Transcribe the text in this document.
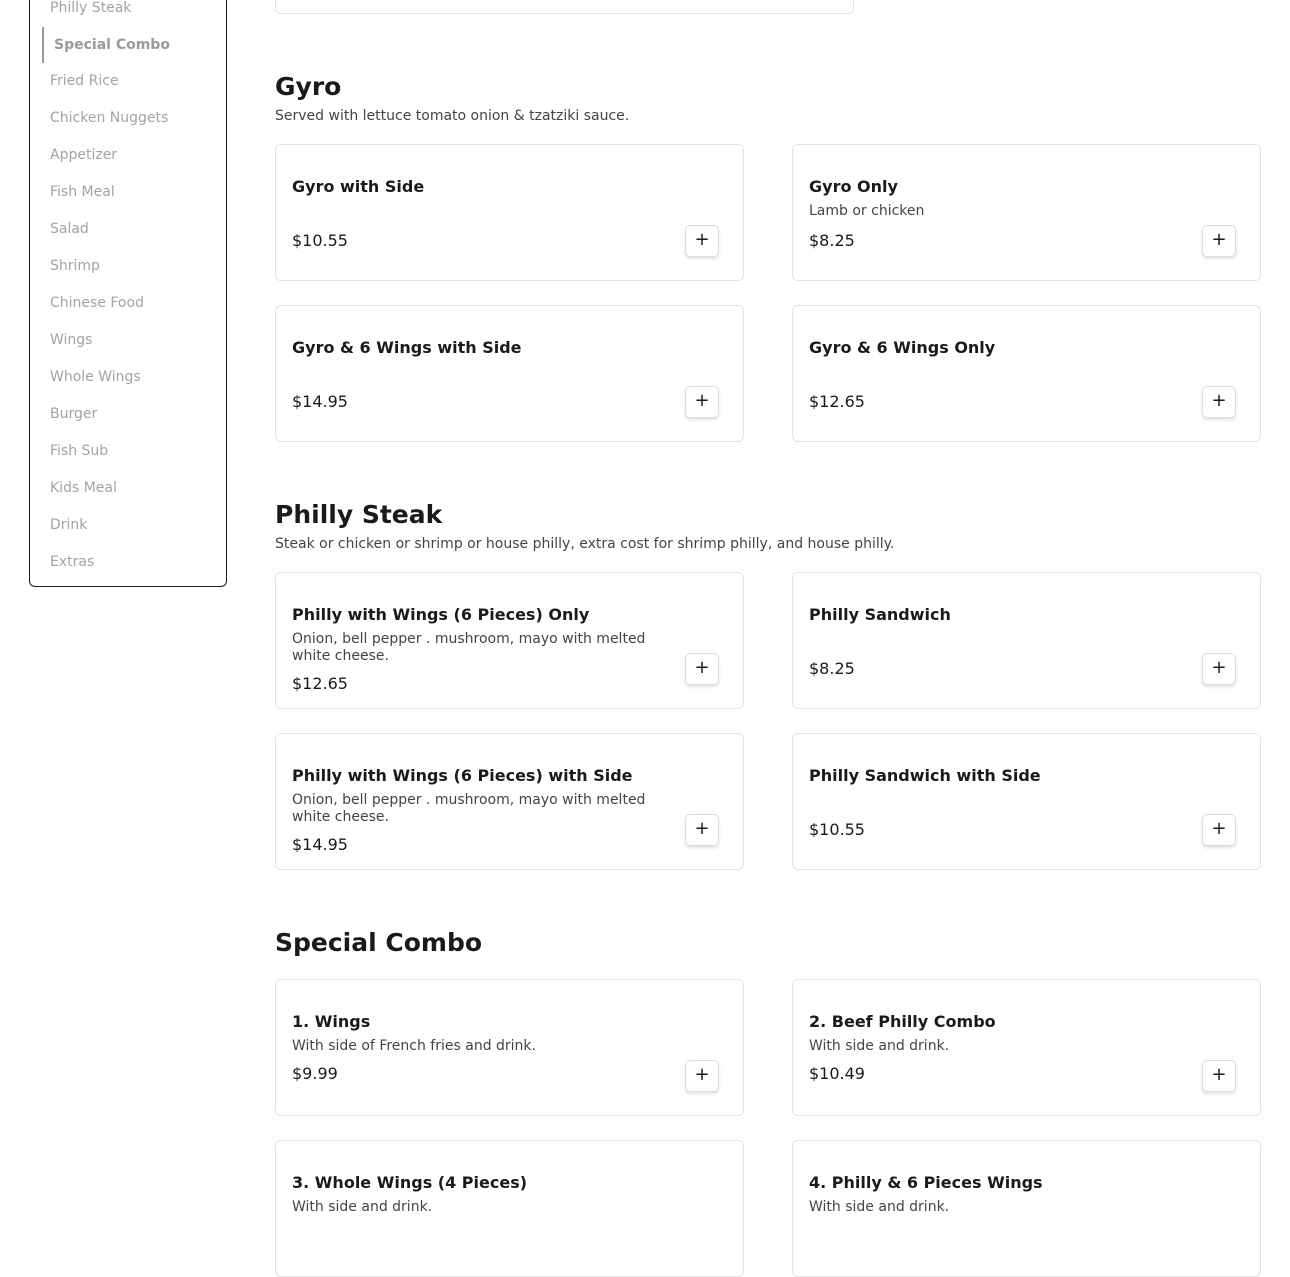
Philly Steak
Special Combo
Fried Rice
Chicken Nuggets
Appetizer
Fish Meal
Salad
Shrimp
Chinese Food
Wings
Whole Wings
Burger
Fish Sub
Kids Meal
Drink
Extras
Gyro

Served with lettuce tomato onion & tzatziki sauce.

Gyro with Side
$10.55	+
Gyro Only
Lamb or chicken
$8.25	+
Gyro & 6 Wings with Side
$14.95	+
Gyro & 6 Wings Only
$12.65	+
Philly Steak

Steak or chicken or shrimp or house philly, extra cost for shrimp philly, and house philly.

Philly with Wings (6 Pieces) Only
Onion, bell pepper . mushroom, mayo with melted white cheese.
$12.65
+
Philly Sandwich
$8.25	+
Philly with Wings (6 Pieces) with Side
Onion, bell pepper . mushroom, mayo with melted white cheese.
$14.95
+
Philly Sandwich with Side
$10.55	+
Special Combo
1. Wings
With side of French fries and drink.
$9.99	+
2. Beef Philly Combo
With side and drink.
$10.49	+
3. Whole Wings (4 Pieces)
With side and drink.
4. Philly & 6 Pieces Wings
With side and drink.
